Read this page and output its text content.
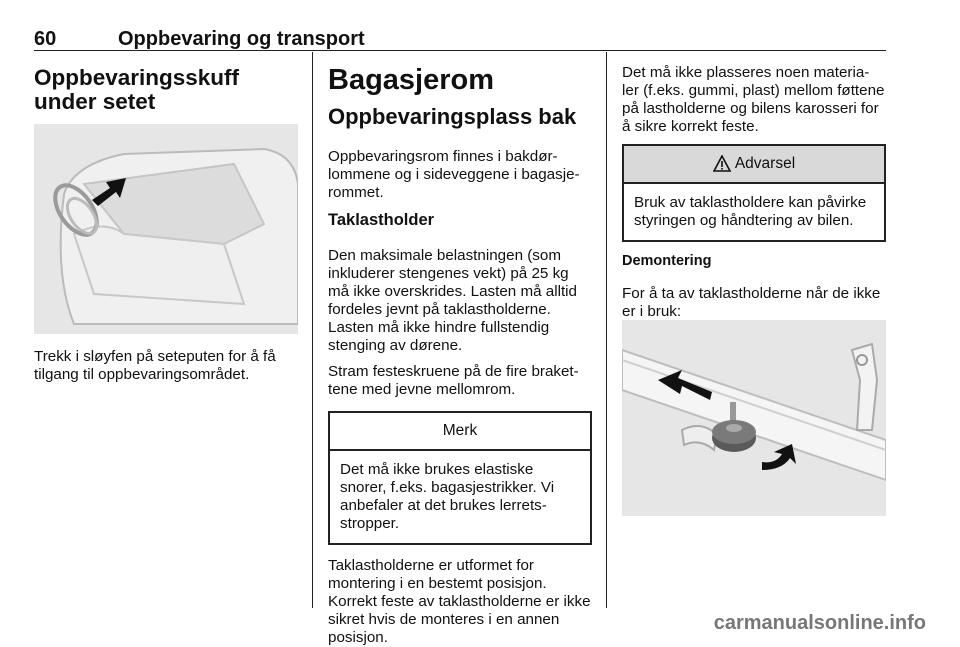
60	Oppbevaring og transport
Oppbevaringsskuff under setet

Trekk i sløyfen på seteputen for å få tilgang til oppbevaringsområdet.

Bagasjerom
Oppbevaringsplass bak

Oppbevaringsrom finnes i bakdør-lommene og i sideveggene i bagasje-rommet.

Taklastholder

Den maksimale belastningen (som inkluderer stengenes vekt) på 25 kg må ikke overskrides. Lasten må alltid fordeles jevnt på taklastholderne. Lasten må ikke hindre fullstendig stenging av dørene.

Stram festeskruene på de fire braket-tene med jevne mellomrom.

Merk
Det må ikke brukes elastiske snorer, f.eks. bagasjestrikker. Vi anbefaler at det brukes lerrets-stropper.

Taklastholderne er utformet for montering i en bestemt posisjon. Korrekt feste av taklastholderne er ikke sikret hvis de monteres i en annen posisjon.

Det må ikke plasseres noen materia-ler (f.eks. gummi, plast) mellom føttene på lastholderne og bilens karosseri for å sikre korrekt feste.

Advarsel
Bruk av taklastholdere kan påvirke styringen og håndtering av bilen.
Demontering

For å ta av taklastholderne når de ikke er i bruk:

carmanualsonline.info
